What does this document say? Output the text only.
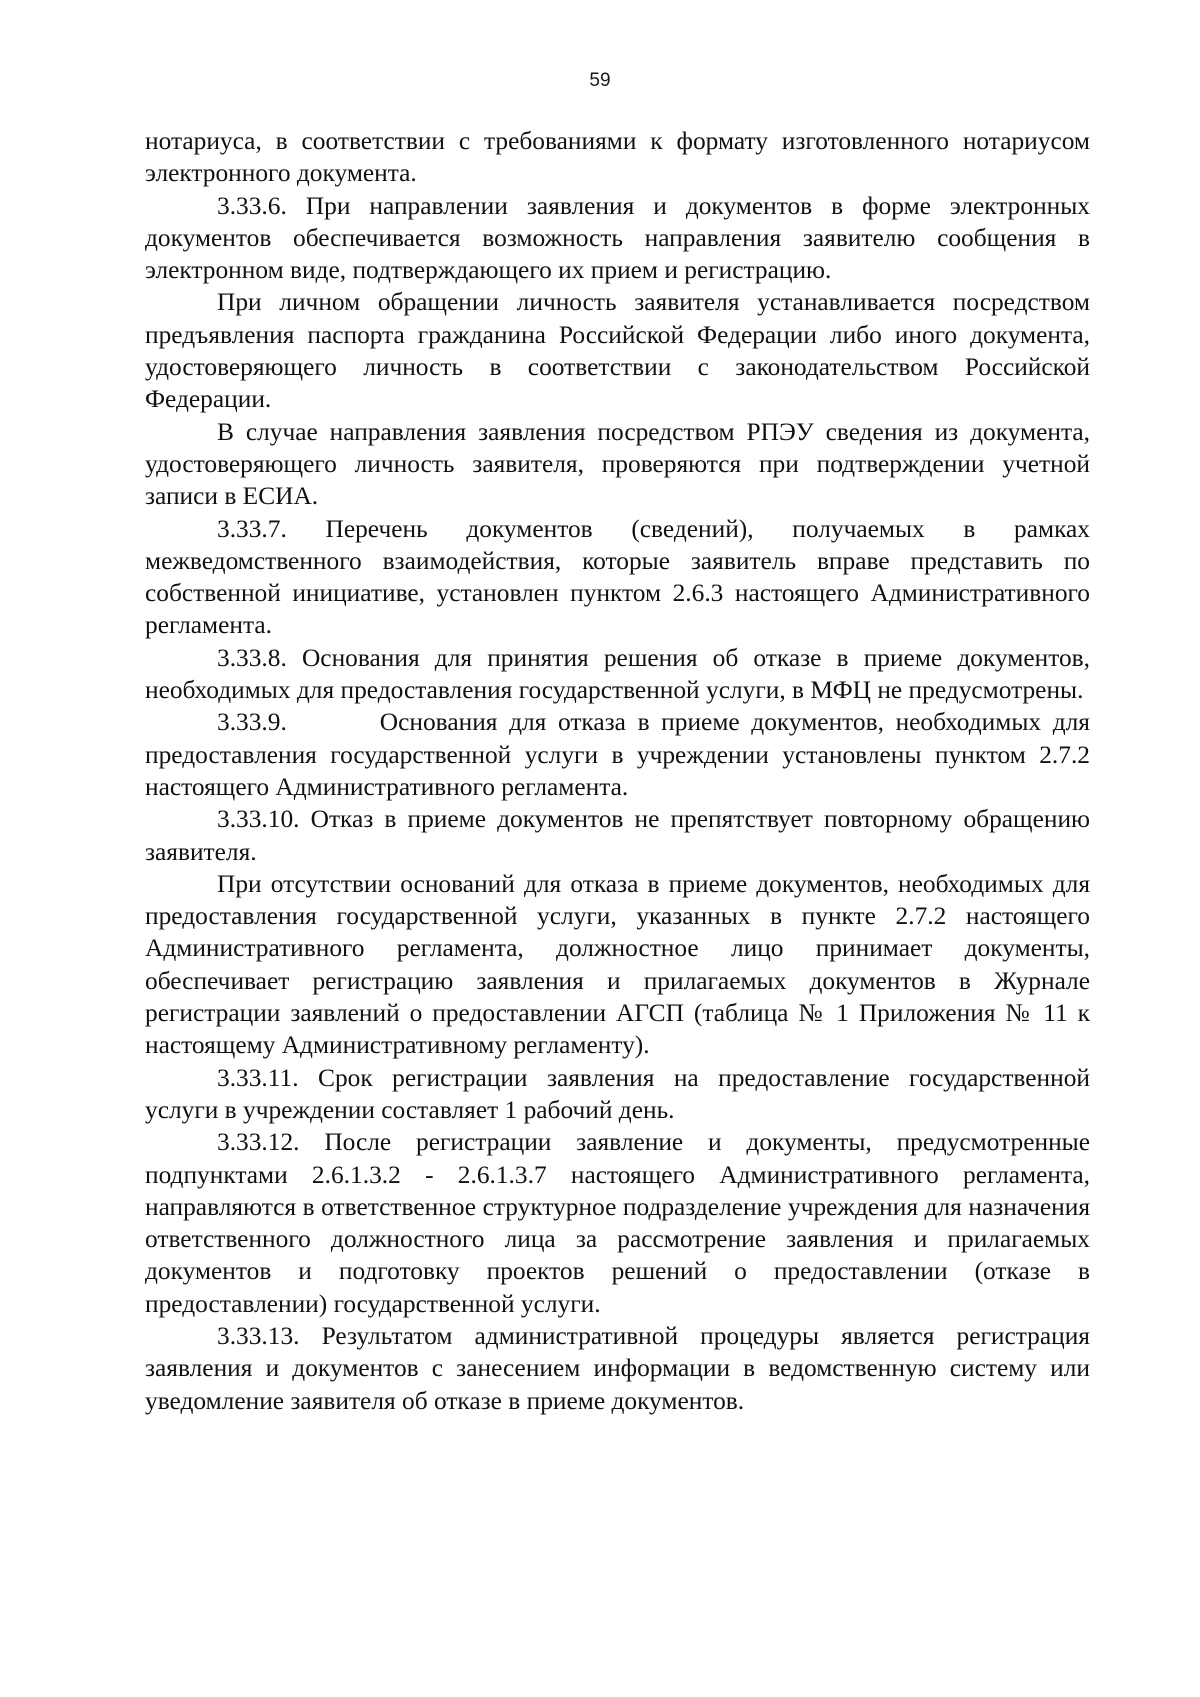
59

нотариуса, в соответствии с требованиями к формату изготовленного нотариусом электронного документа.

3.33.6. При направлении заявления и документов в форме электронных документов обеспечивается возможность направления заявителю сообщения в электронном виде, подтверждающего их прием и регистрацию.

При личном обращении личность заявителя устанавливается посредством предъявления паспорта гражданина Российской Федерации либо иного документа, удостоверяющего личность в соответствии с законодательством Российской Федерации.

В случае направления заявления посредством РПЭУ сведения из документа, удостоверяющего личность заявителя, проверяются при подтверждении учетной записи в ЕСИА.

3.33.7. Перечень документов (сведений), получаемых в рамках межведомственного взаимодействия, которые заявитель вправе представить по собственной инициативе, установлен пунктом 2.6.3 настоящего Административного регламента.

3.33.8. Основания для принятия решения об отказе в приеме документов, необходимых для предоставления государственной услуги, в МФЦ не предусмотрены.

3.33.9.        Основания для отказа в приеме документов, необходимых для предоставления государственной услуги в учреждении установлены пунктом 2.7.2 настоящего Административного регламента.

3.33.10. Отказ в приеме документов не препятствует повторному обращению заявителя.

При отсутствии оснований для отказа в приеме документов, необходимых для предоставления государственной услуги, указанных в пункте 2.7.2 настоящего Административного регламента, должностное лицо принимает документы, обеспечивает регистрацию заявления и прилагаемых документов в Журнале регистрации заявлений о предоставлении АГСП (таблица № 1 Приложения № 11 к настоящему Административному регламенту).

3.33.11. Срок регистрации заявления на предоставление государственной услуги в учреждении составляет 1 рабочий день.

3.33.12. После регистрации заявление и документы, предусмотренные подпунктами 2.6.1.3.2 - 2.6.1.3.7 настоящего Административного регламента, направляются в ответственное структурное подразделение учреждения для назначения ответственного должностного лица за рассмотрение заявления и прилагаемых документов и подготовку проектов решений о предоставлении (отказе в предоставлении) государственной услуги.

3.33.13. Результатом административной процедуры является регистрация заявления и документов с занесением информации в ведомственную систему или уведомление заявителя об отказе в приеме документов.
